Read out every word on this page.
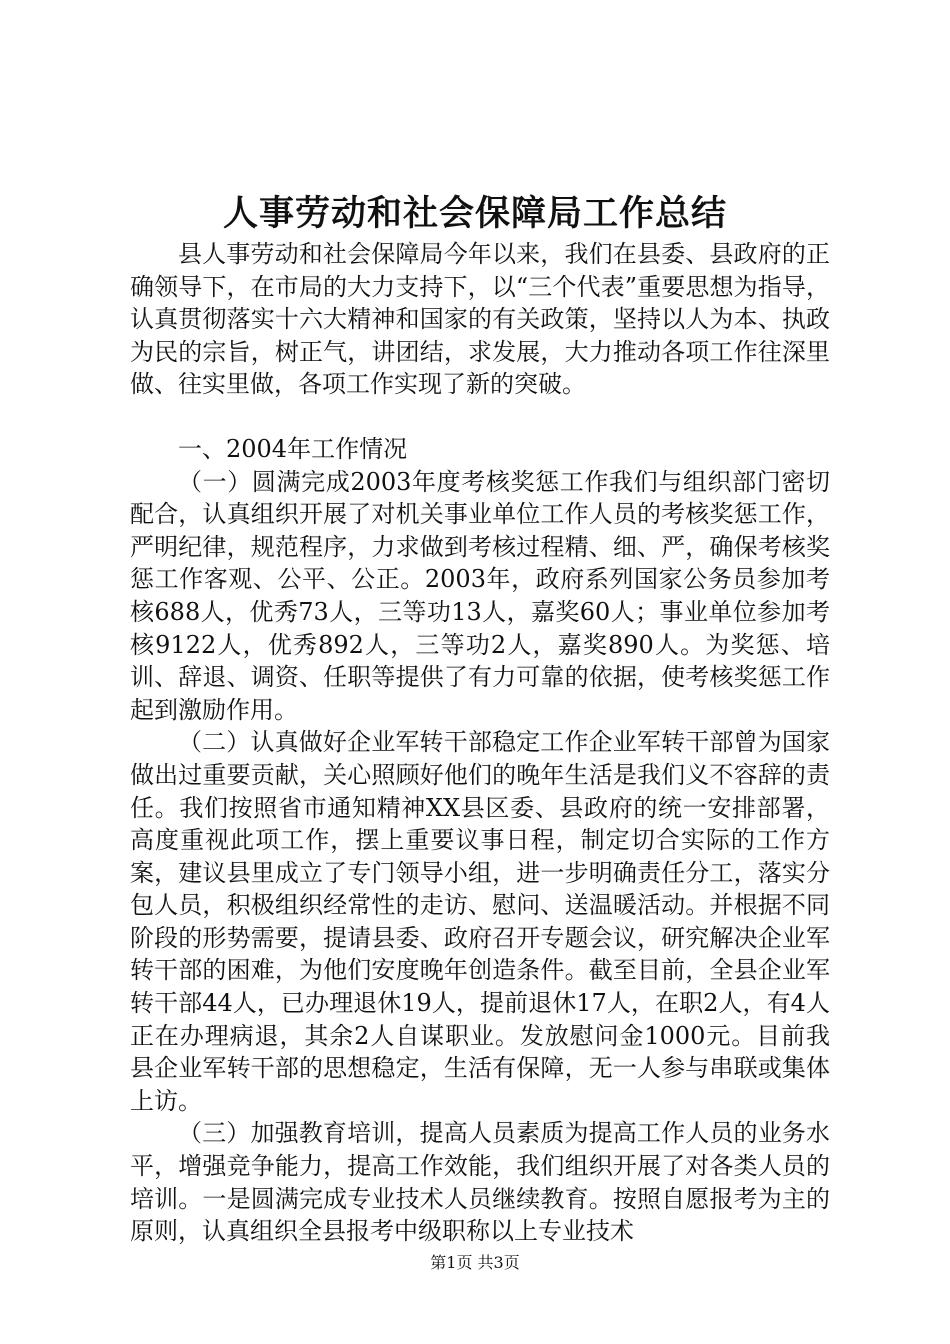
人事劳动和社会保障局工作总结

县人事劳动和社会保障局今年以来，我们在县委、县政府的正确领导下，在市局的大力支持下，以“三个代表”重要思想为指导，认真贯彻落实十六大精神和国家的有关政策，坚持以人为本、执政为民的宗旨，树正气，讲团结，求发展，大力推动各项工作往深里做、往实里做，各项工作实现了新的突破。

一、2004年工作情况

（一）圆满完成2003年度考核奖惩工作我们与组织部门密切配合，认真组织开展了对机关事业单位工作人员的考核奖惩工作，严明纪律，规范程序，力求做到考核过程精、细、严，确保考核奖惩工作客观、公平、公正。2003年，政府系列国家公务员参加考核688人，优秀73人，三等功13人，嘉奖60人；事业单位参加考核9122人，优秀892人，三等功2人，嘉奖890人。为奖惩、培训、辞退、调资、任职等提供了有力可靠的依据，使考核奖惩工作起到激励作用。

（二）认真做好企业军转干部稳定工作企业军转干部曾为国家做出过重要贡献，关心照顾好他们的晚年生活是我们义不容辞的责任。我们按照省市通知精神XX县区委、县政府的统一安排部署，高度重视此项工作，摆上重要议事日程，制定切合实际的工作方案，建议县里成立了专门领导小组，进一步明确责任分工，落实分包人员，积极组织经常性的走访、慰问、送温暖活动。并根据不同阶段的形势需要，提请县委、政府召开专题会议，研究解决企业军转干部的困难，为他们安度晚年创造条件。截至目前，全县企业军转干部44人，已办理退休19人，提前退休17人，在职2人，有4人正在办理病退，其余2人自谋职业。发放慰问金1000元。目前我县企业军转干部的思想稳定，生活有保障，无一人参与串联或集体上访。

（三）加强教育培训，提高人员素质为提高工作人员的业务水平，增强竞争能力，提高工作效能，我们组织开展了对各类人员的培训。一是圆满完成专业技术人员继续教育。按照自愿报考为主的原则，认真组织全县报考中级职称以上专业技术

第1页 共3页
